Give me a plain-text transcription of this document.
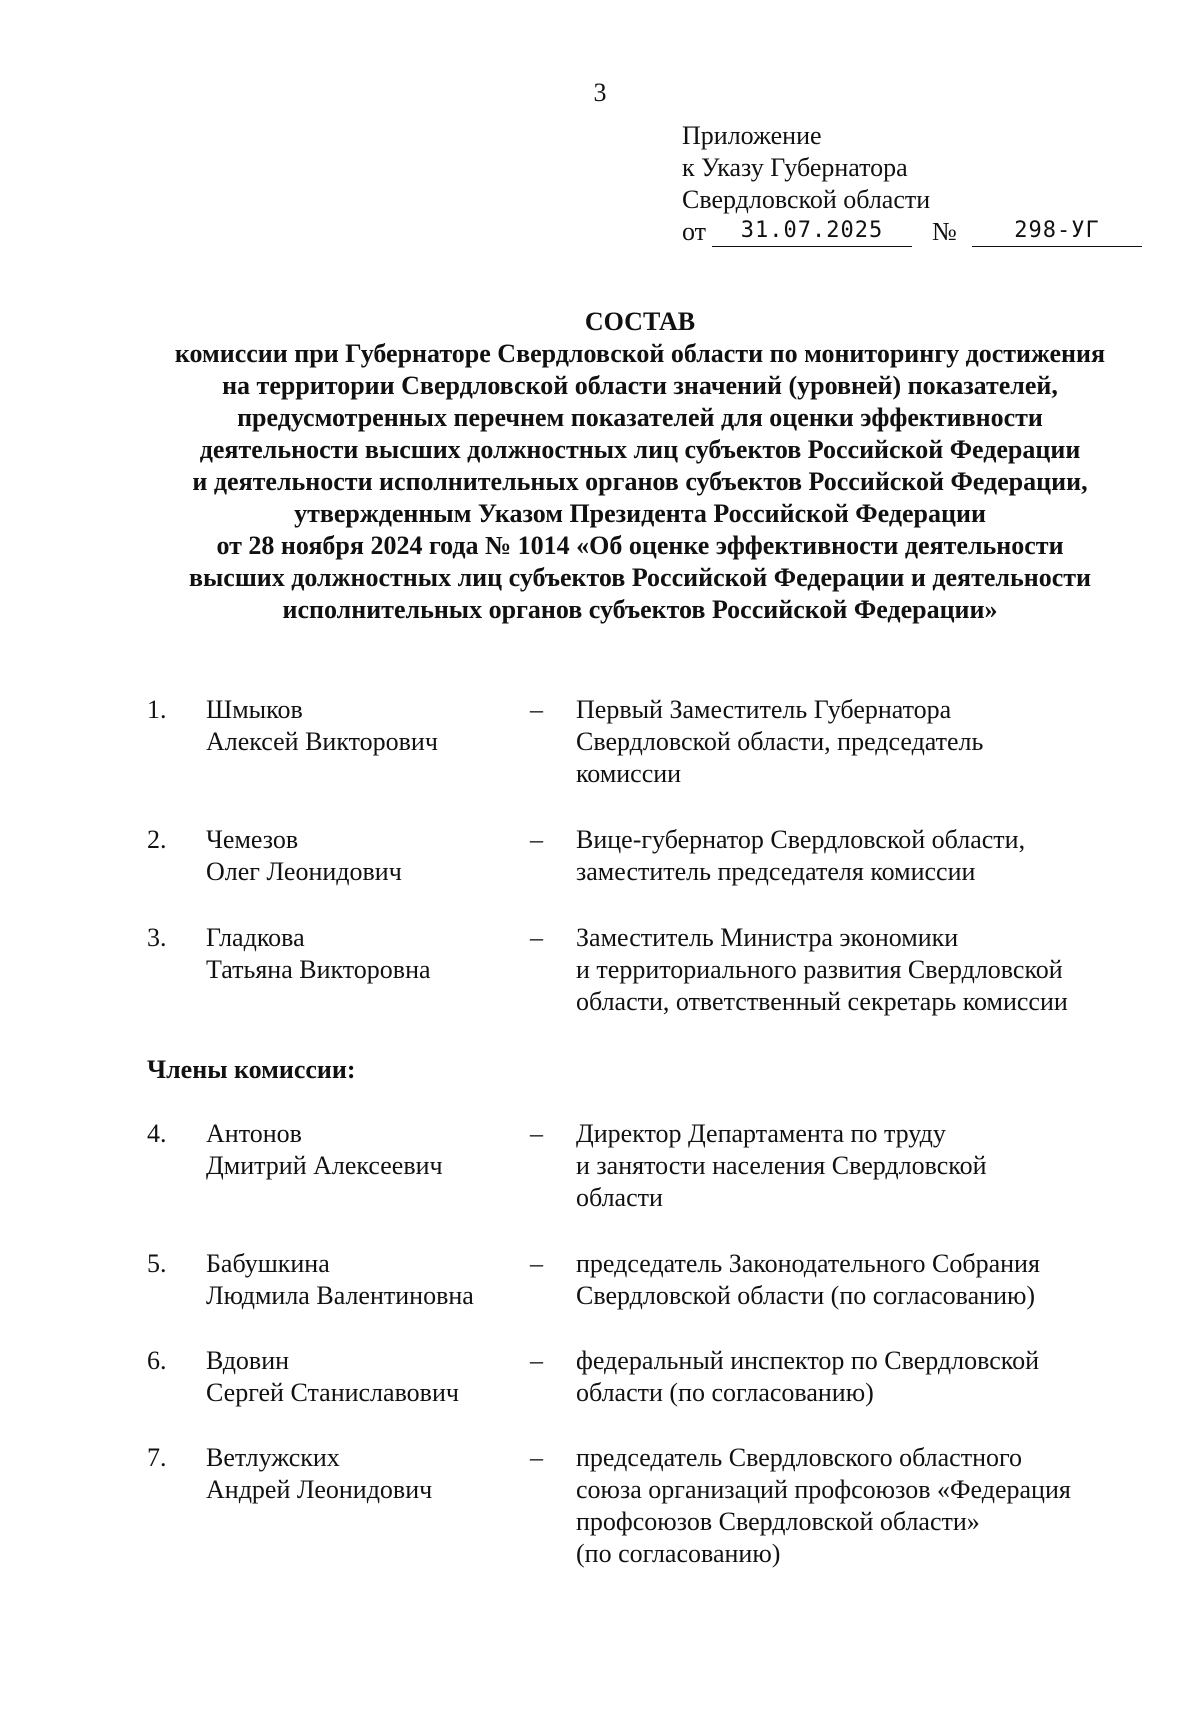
3
Приложение
к Указу Губернатора
Свердловской области
от	31.07.2025	№	298-УГ
СОСТАВ
комиссии при Губернаторе Свердловской области по мониторингу достижения
на территории Свердловской области значений (уровней) показателей,
предусмотренных перечнем показателей для оценки эффективности
деятельности высших должностных лиц субъектов Российской Федерации
и деятельности исполнительных органов субъектов Российской Федерации,
утвержденным Указом Президента Российской Федерации
от 28 ноября 2024 года № 1014 «Об оценке эффективности деятельности
высших должностных лиц субъектов Российской Федерации и деятельности
исполнительных органов субъектов Российской Федерации»
1. Шмыков
Алексей Викторович
– Первый Заместитель Губернатора
Свердловской области, председатель
комиссии
2. Чемезов
Олег Леонидович
– Вице-губернатор Свердловской области,
заместитель председателя комиссии
3. Гладкова
Татьяна Викторовна
– Заместитель Министра экономики
и территориального развития Свердловской
области, ответственный секретарь комиссии
Члены комиссии:
4. Антонов
Дмитрий Алексеевич
– Директор Департамента по труду
и занятости населения Свердловской
области
5. Бабушкина
Людмила Валентиновна
– председатель Законодательного Собрания
Свердловской области (по согласованию)
6. Вдовин
Сергей Станиславович
– федеральный инспектор по Свердловской
области (по согласованию)
7. Ветлужских
Андрей Леонидович
– председатель Свердловского областного
союза организаций профсоюзов «Федерация
профсоюзов Свердловской области»
(по согласованию)
